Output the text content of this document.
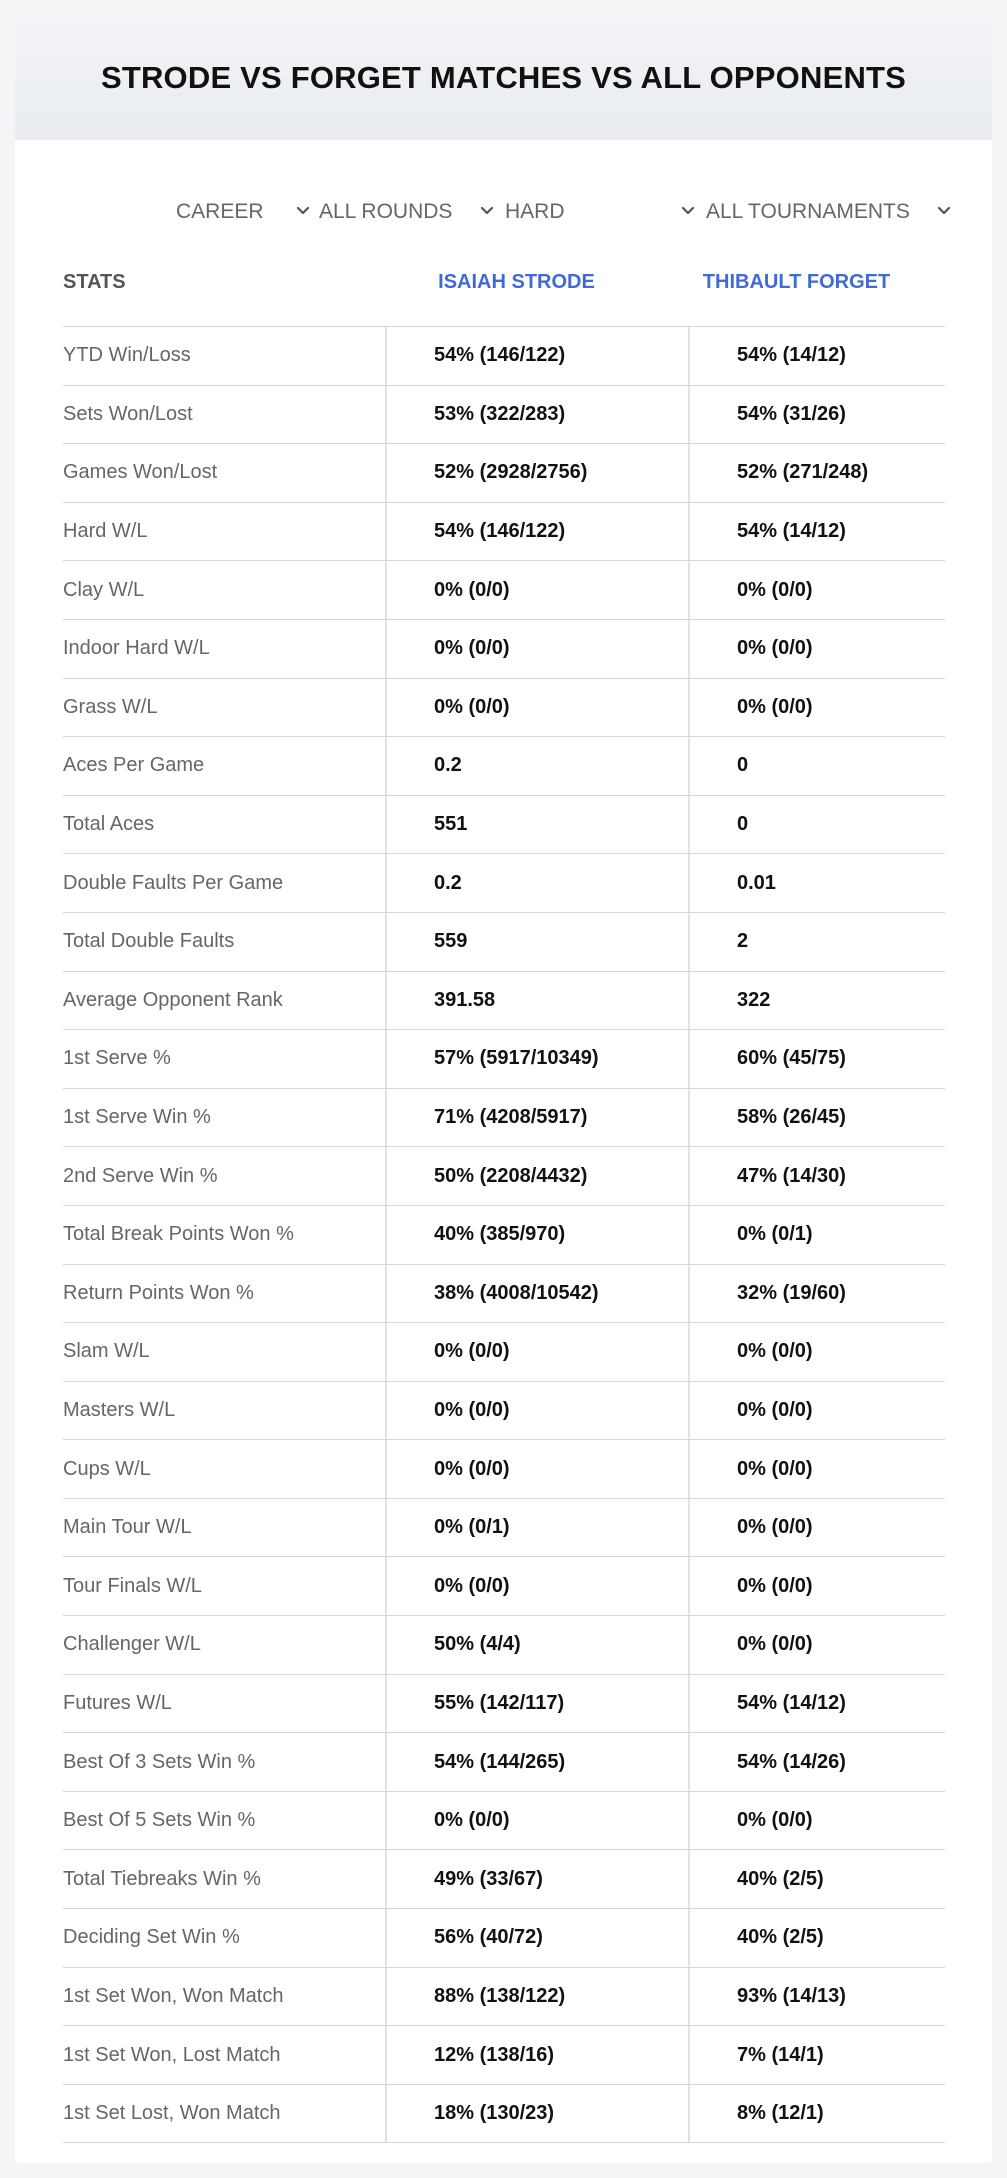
STRODE VS FORGET MATCHES VS ALL OPPONENTS
CAREER	ALL ROUNDS	HARD	ALL TOURNAMENTS
STATS	ISAIAH STRODE	THIBAULT FORGET
YTD Win/Loss	54% (146/122)	54% (14/12)
Sets Won/Lost	53% (322/283)	54% (31/26)
Games Won/Lost	52% (2928/2756)	52% (271/248)
Hard W/L	54% (146/122)	54% (14/12)
Clay W/L	0% (0/0)	0% (0/0)
Indoor Hard W/L	0% (0/0)	0% (0/0)
Grass W/L	0% (0/0)	0% (0/0)
Aces Per Game	0.2	0
Total Aces	551	0
Double Faults Per Game	0.2	0.01
Total Double Faults	559	2
Average Opponent Rank	391.58	322
1st Serve %	57% (5917/10349)	60% (45/75)
1st Serve Win %	71% (4208/5917)	58% (26/45)
2nd Serve Win %	50% (2208/4432)	47% (14/30)
Total Break Points Won %	40% (385/970)	0% (0/1)
Return Points Won %	38% (4008/10542)	32% (19/60)
Slam W/L	0% (0/0)	0% (0/0)
Masters W/L	0% (0/0)	0% (0/0)
Cups W/L	0% (0/0)	0% (0/0)
Main Tour W/L	0% (0/1)	0% (0/0)
Tour Finals W/L	0% (0/0)	0% (0/0)
Challenger W/L	50% (4/4)	0% (0/0)
Futures W/L	55% (142/117)	54% (14/12)
Best Of 3 Sets Win %	54% (144/265)	54% (14/26)
Best Of 5 Sets Win %	0% (0/0)	0% (0/0)
Total Tiebreaks Win %	49% (33/67)	40% (2/5)
Deciding Set Win %	56% (40/72)	40% (2/5)
1st Set Won, Won Match	88% (138/122)	93% (14/13)
1st Set Won, Lost Match	12% (138/16)	7% (14/1)
1st Set Lost, Won Match	18% (130/23)	8% (12/1)
